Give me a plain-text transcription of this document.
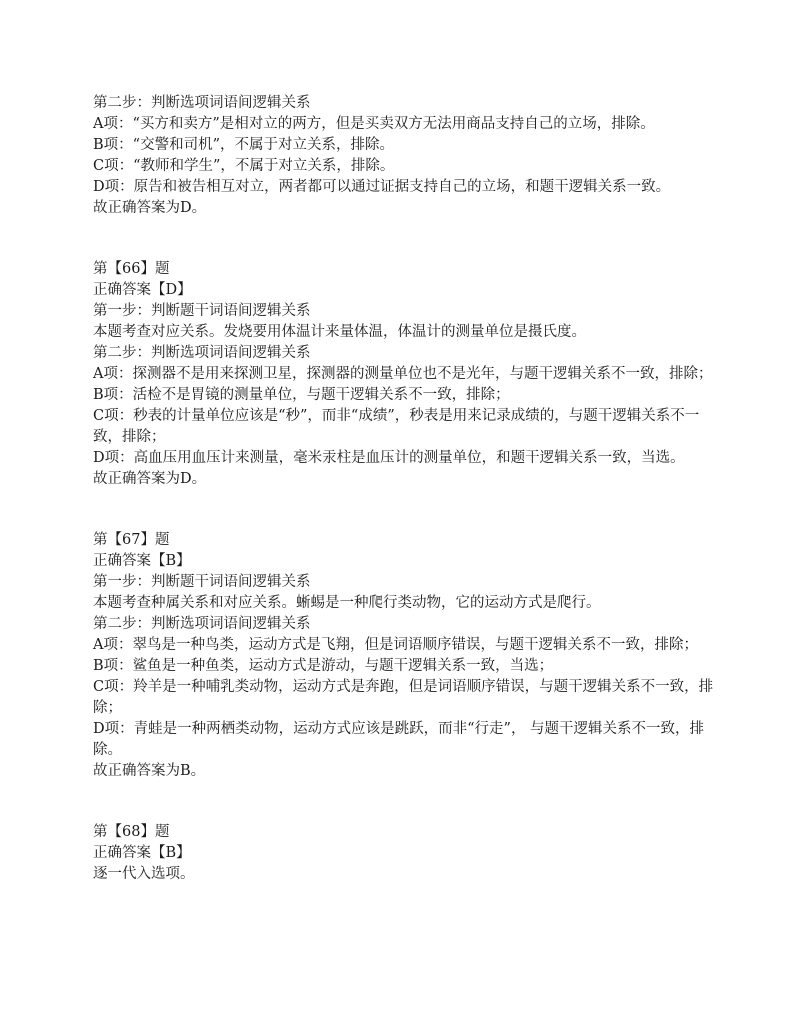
第二步：判断选项词语间逻辑关系

A项：“买方和卖方”是相对立的两方，但是买卖双方无法用商品支持自己的立场，排除。

B项：“交警和司机”，不属于对立关系，排除。

C项：“教师和学生”，不属于对立关系，排除。

D项：原告和被告相互对立，两者都可以通过证据支持自己的立场，和题干逻辑关系一致。

故正确答案为D。

第【66】题

正确答案【D】

第一步：判断题干词语间逻辑关系

本题考查对应关系。发烧要用体温计来量体温，体温计的测量单位是摄氏度。

第二步：判断选项词语间逻辑关系

A项：探测器不是用来探测卫星，探测器的测量单位也不是光年，与题干逻辑关系不一致，排除；

B项：活检不是胃镜的测量单位，与题干逻辑关系不一致，排除；

C项：秒表的计量单位应该是“秒”，而非“成绩”，秒表是用来记录成绩的，与题干逻辑关系不一致，排除；

D项：高血压用血压计来测量，毫米汞柱是血压计的测量单位，和题干逻辑关系一致，当选。

故正确答案为D。

第【67】题

正确答案【B】

第一步：判断题干词语间逻辑关系

本题考查种属关系和对应关系。蜥蜴是一种爬行类动物，它的运动方式是爬行。

第二步：判断选项词语间逻辑关系

A项：翠鸟是一种鸟类，运动方式是飞翔，但是词语顺序错误，与题干逻辑关系不一致，排除；

B项：鲨鱼是一种鱼类，运动方式是游动，与题干逻辑关系一致，当选；

C项：羚羊是一种哺乳类动物，运动方式是奔跑，但是词语顺序错误，与题干逻辑关系不一致，排除；

D项：青蛙是一种两栖类动物，运动方式应该是跳跃，而非“行走”， 与题干逻辑关系不一致，排除。

故正确答案为B。

第【68】题

正确答案【B】

逐一代入选项。
